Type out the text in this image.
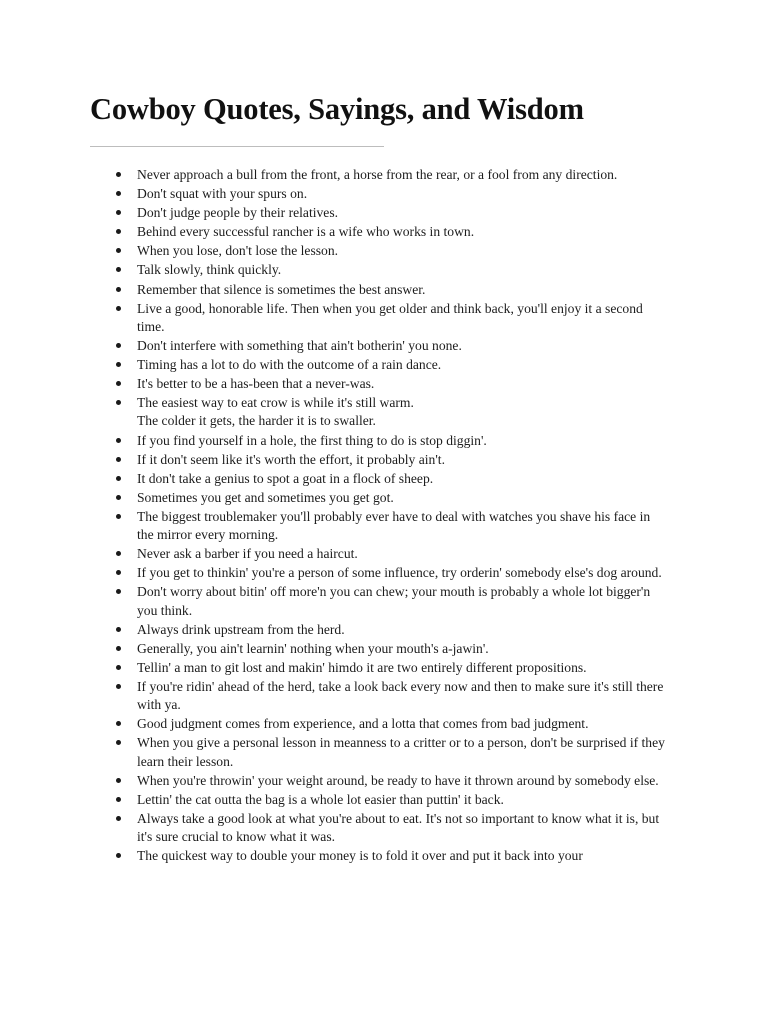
Cowboy Quotes, Sayings, and Wisdom
Never approach a bull from the front, a horse from the rear, or a fool from any direction.
Don't squat with your spurs on.
Don't judge people by their relatives.
Behind every successful rancher is a wife who works in town.
When you lose, don't lose the lesson.
Talk slowly, think quickly.
Remember that silence is sometimes the best answer.
Live a good, honorable life. Then when you get older and think back, you'll enjoy it a second time.
Don't interfere with something that ain't botherin' you none.
Timing has a lot to do with the outcome of a rain dance.
It's better to be a has-been that a never-was.
The easiest way to eat crow is while it's still warm.
The colder it gets, the harder it is to swaller.
If you find yourself in a hole, the first thing to do is stop diggin'.
If it don't seem like it's worth the effort, it probably ain't.
It don't take a genius to spot a goat in a flock of sheep.
Sometimes you get and sometimes you get got.
The biggest troublemaker you'll probably ever have to deal with watches you shave his face in the mirror every morning.
Never ask a barber if you need a haircut.
If you get to thinkin' you're a person of some influence, try orderin' somebody else's dog around.
Don't worry about bitin' off more'n you can chew; your mouth is probably a whole lot bigger'n you think.
Always drink upstream from the herd.
Generally, you ain't learnin' nothing when your mouth's a-jawin'.
Tellin' a man to git lost and makin' himdo it are two entirely different propositions.
If you're ridin' ahead of the herd, take a look back every now and then to make sure it's still there with ya.
Good judgment comes from experience, and a lotta that comes from bad judgment.
When you give a personal lesson in meanness to a critter or to a person, don't be surprised if they learn their lesson.
When you're throwin' your weight around, be ready to have it thrown around by somebody else.
Lettin' the cat outta the bag is a whole lot easier than puttin' it back.
Always take a good look at what you're about to eat. It's not so important to know what it is, but it's sure crucial to know what it was.
The quickest way to double your money is to fold it over and put it back into your
